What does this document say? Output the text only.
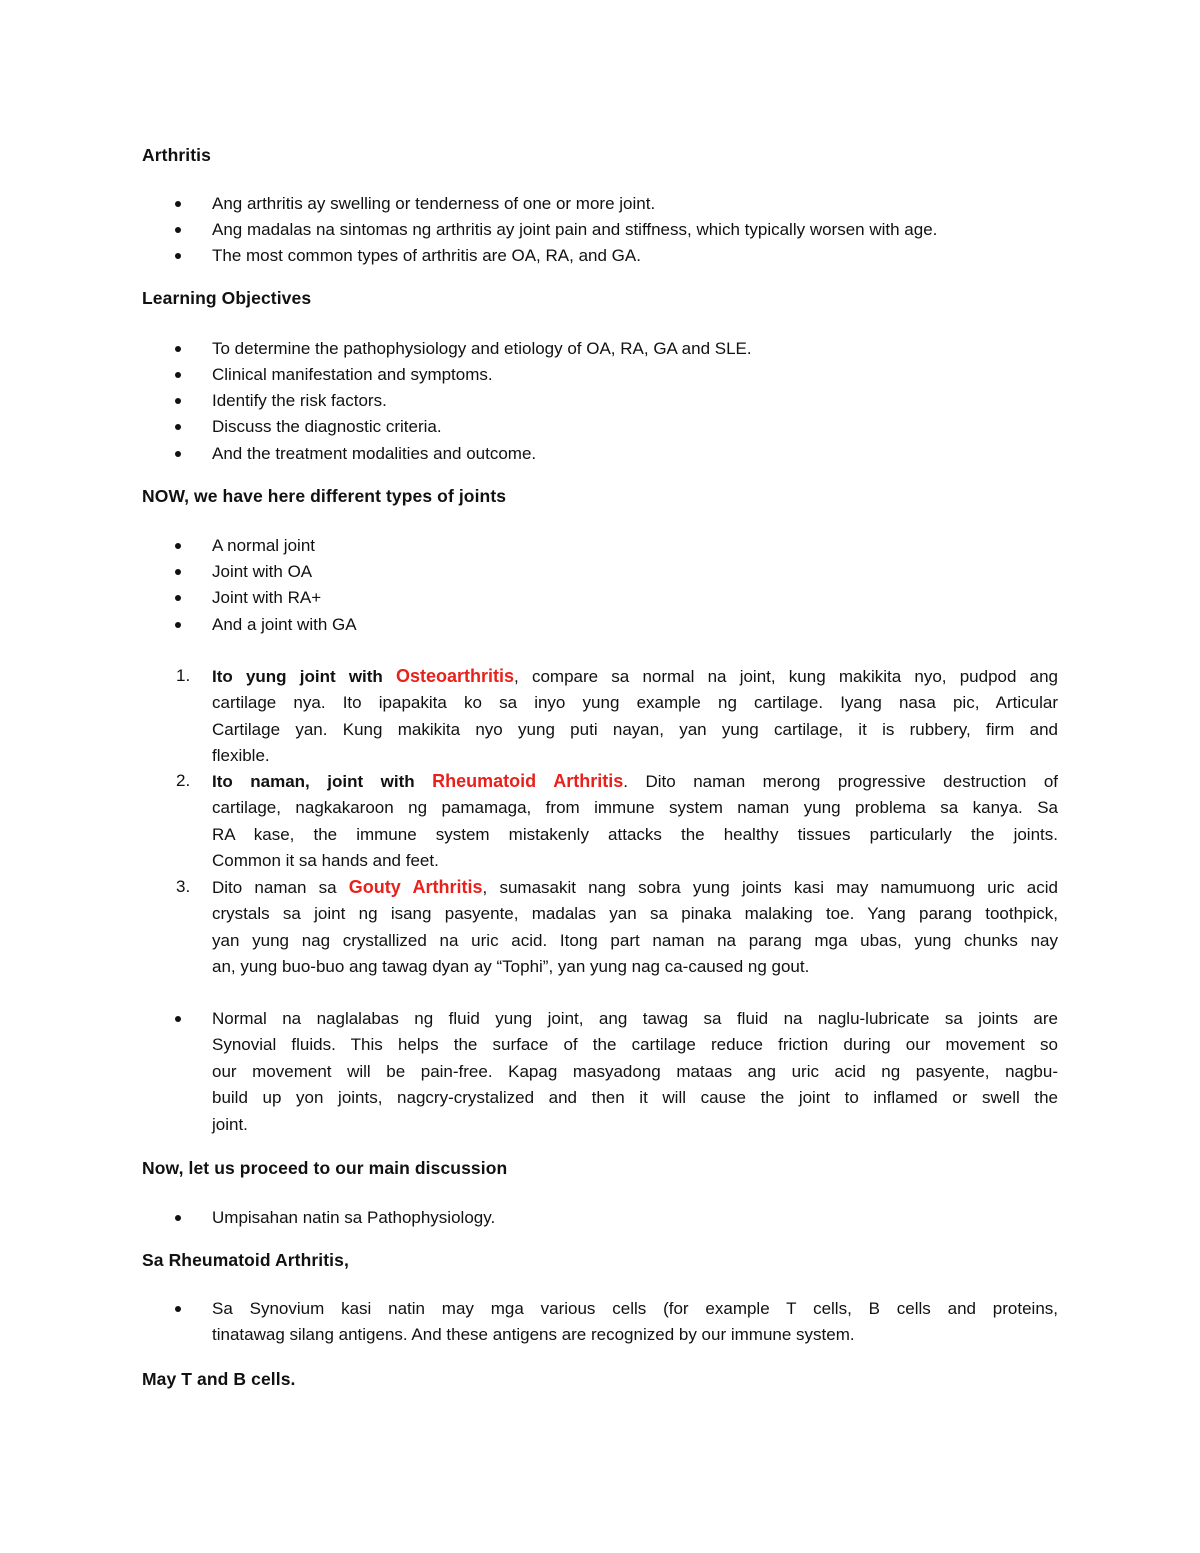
Arthritis
Ang arthritis ay swelling or tenderness of one or more joint.
Ang madalas na sintomas ng arthritis ay joint pain and stiffness, which typically worsen with age.
The most common types of arthritis are OA, RA, and GA.
Learning Objectives
To determine the pathophysiology and etiology of OA, RA, GA and SLE.
Clinical manifestation and symptoms.
Identify the risk factors.
Discuss the diagnostic criteria.
And the treatment modalities and outcome.
NOW, we have here different types of joints
A normal joint
Joint with OA
Joint with RA+
And a joint with GA
1.	Ito yung joint with Osteoarthritis, compare sa normal na joint, kung makikita nyo, pudpod ang
cartilage nya. Ito ipapakita ko sa inyo yung example ng cartilage. Iyang nasa pic, Articular
Cartilage yan. Kung makikita nyo yung puti nayan, yan yung cartilage, it is rubbery, firm and
flexible.
2.	Ito naman, joint with Rheumatoid Arthritis. Dito naman merong progressive destruction of
cartilage, nagkakaroon ng pamamaga, from immune system naman yung problema sa kanya. Sa
RA kase, the immune system mistakenly attacks the healthy tissues particularly the joints.
Common it sa hands and feet.
3.	Dito naman sa Gouty Arthritis, sumasakit nang sobra yung joints kasi may namumuong uric acid
crystals sa joint ng isang pasyente, madalas yan sa pinaka malaking toe. Yang parang toothpick,
yan yung nag crystallized na uric acid. Itong part naman na parang mga ubas, yung chunks nay
an, yung buo-buo ang tawag dyan ay “Tophi”, yan yung nag ca-caused ng gout.
Normal na naglalabas ng fluid yung joint, ang tawag sa fluid na naglu-lubricate sa joints are
Synovial fluids. This helps the surface of the cartilage reduce friction during our movement so
our movement will be pain-free. Kapag masyadong mataas ang uric acid ng pasyente, nagbu-
build up yon joints, nagcry-crystalized and then it will cause the joint to inflamed or swell the
joint.
Now, let us proceed to our main discussion
Umpisahan natin sa Pathophysiology.
Sa Rheumatoid Arthritis,
Sa Synovium kasi natin may mga various cells (for example T cells, B cells and proteins,
tinatawag silang antigens. And these antigens are recognized by our immune system.
May T and B cells.
